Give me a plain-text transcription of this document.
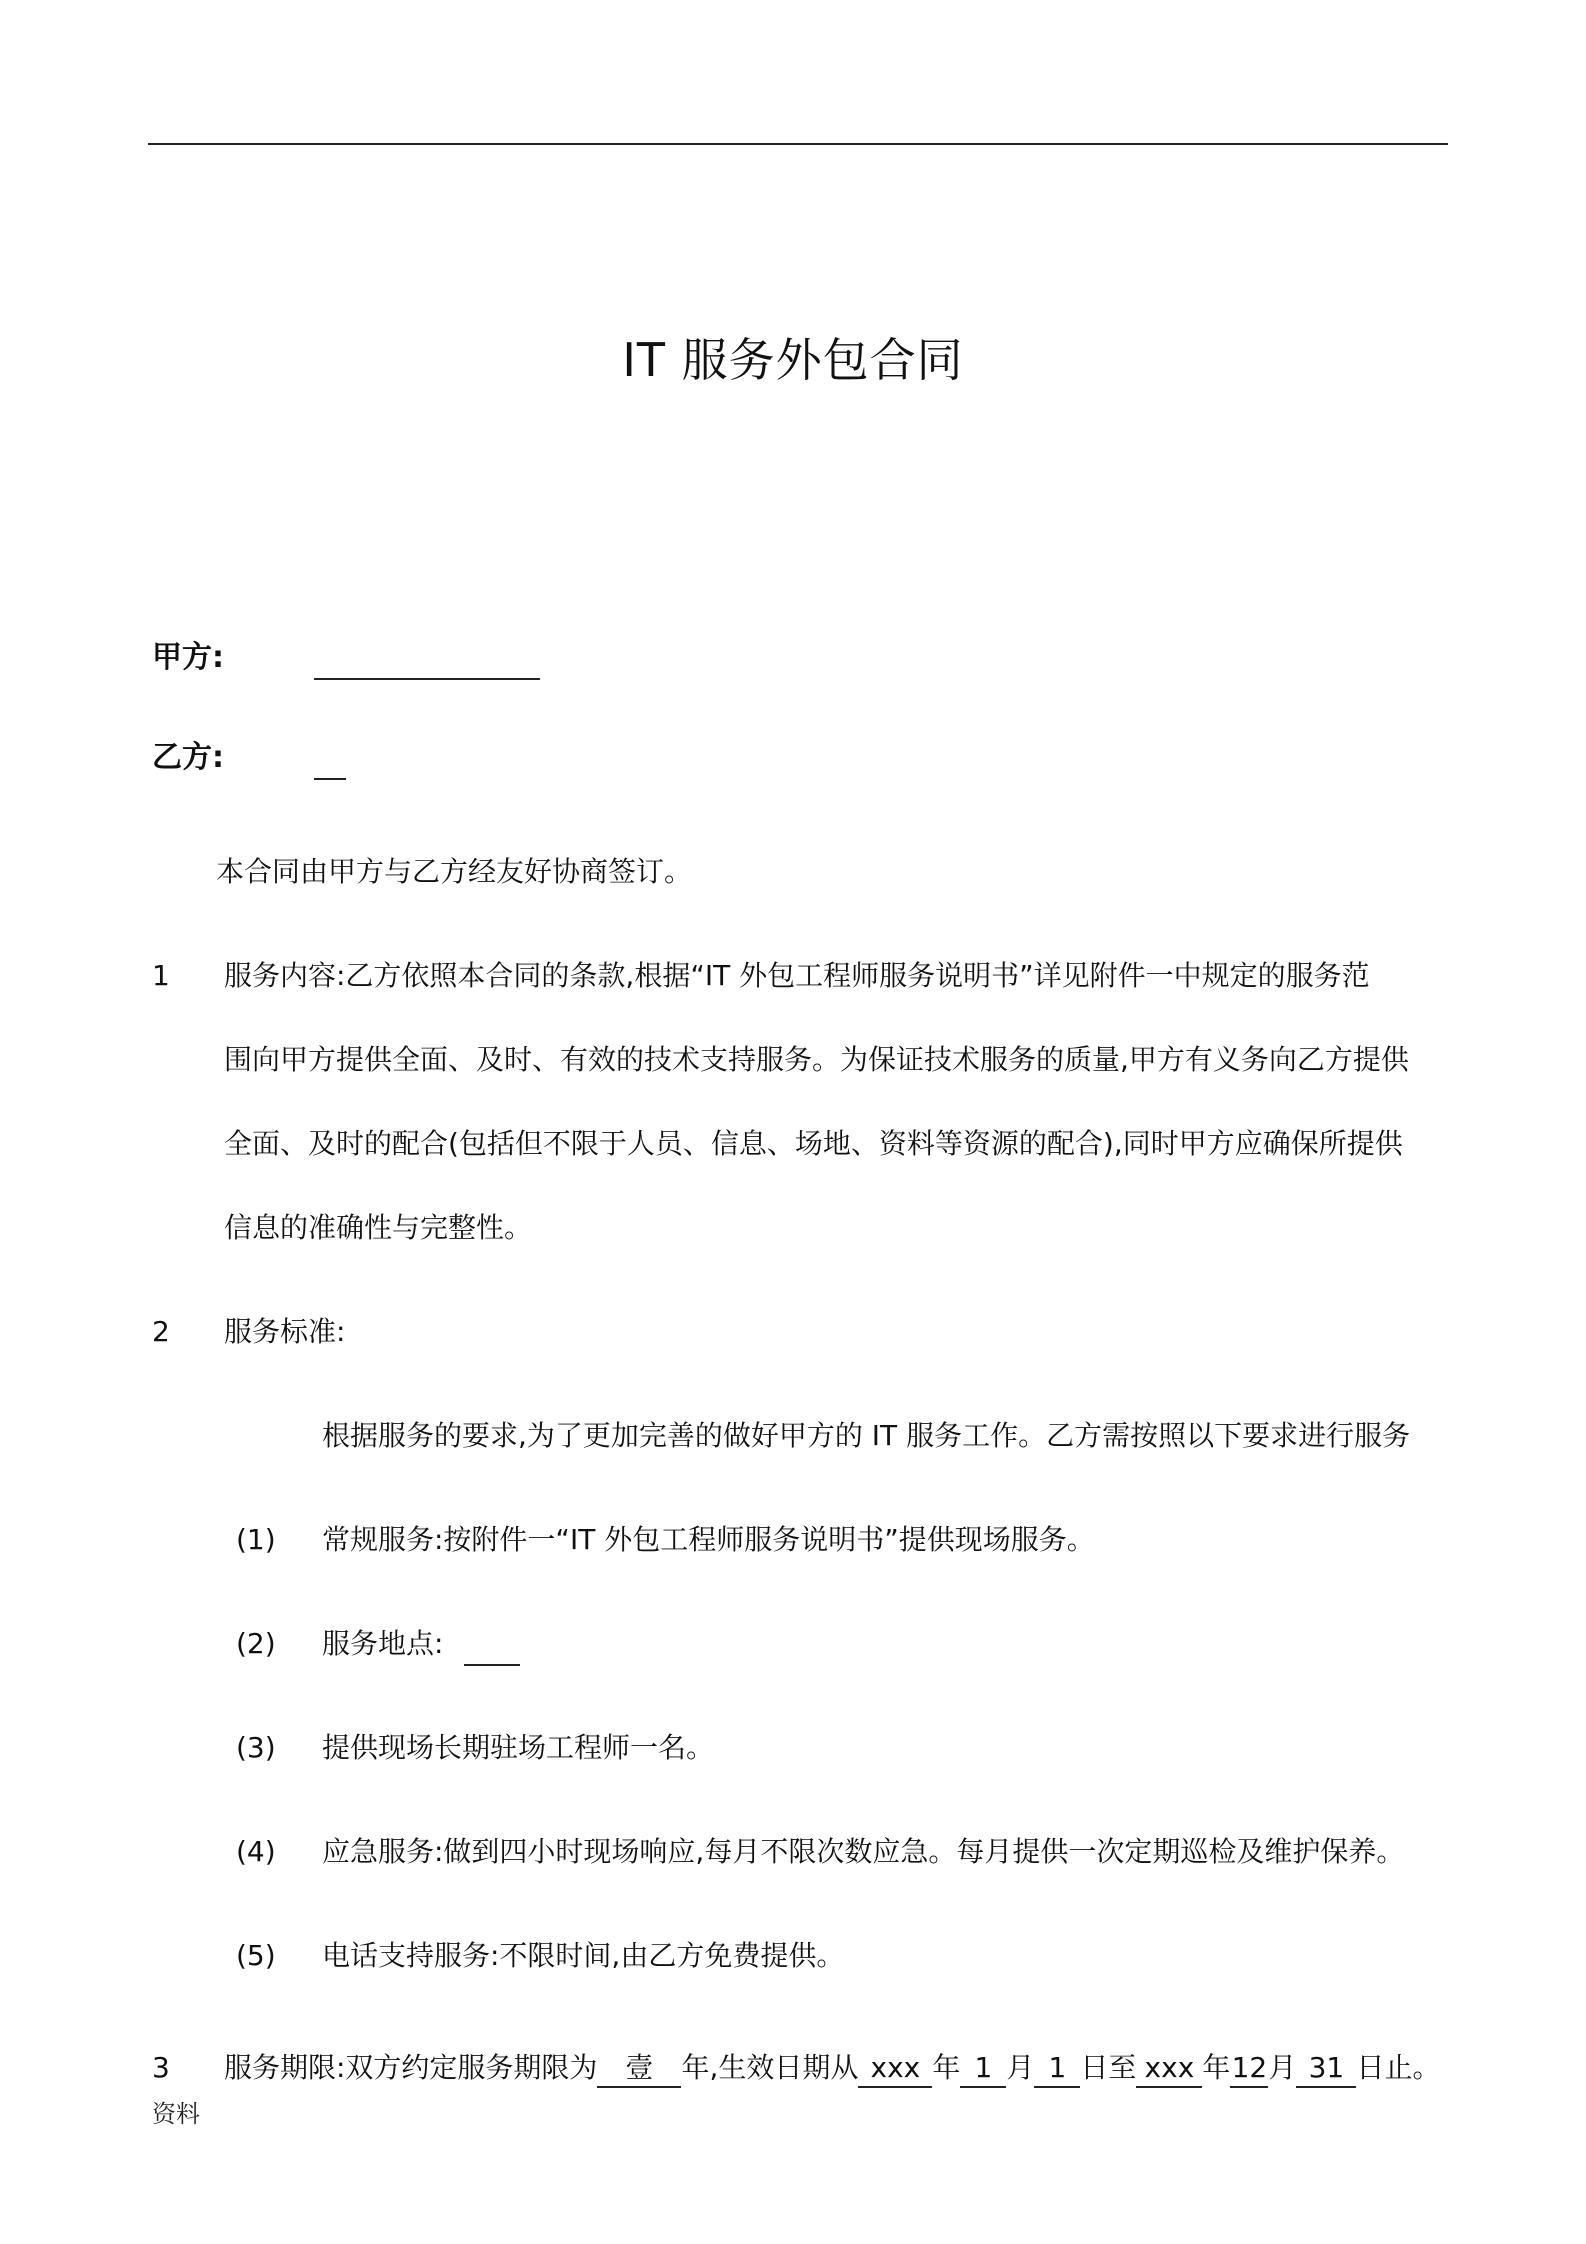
IT 服务外包合同
甲方:
乙方:
本合同由甲方与乙方经友好协商签订。
1 服务内容:乙方依照本合同的条款,根据“IT 外包工程师服务说明书”详见附件一中规定的服务范
围向甲方提供全面、及时、有效的技术支持服务。为保证技术服务的质量,甲方有义务向乙方提供
全面、及时的配合(包括但不限于人员、信息、场地、资料等资源的配合),同时甲方应确保所提供
信息的准确性与完整性。
2 服务标准:
根据服务的要求,为了更加完善的做好甲方的 IT 服务工作。乙方需按照以下要求进行服务
(1) 常规服务:按附件一“IT 外包工程师服务说明书”提供现场服务。
(2) 服务地点:
(3) 提供现场长期驻场工程师一名。
(4) 应急服务:做到四小时现场响应,每月不限次数应急。每月提供一次定期巡检及维护保养。
(5) 电话支持服务:不限时间,由乙方免费提供。
3 服务期限:双方约定服务期限为 壹 年,生效日期从 xxx 年 1 月 1 日至 xxx 年12月 31 日止。
资料
